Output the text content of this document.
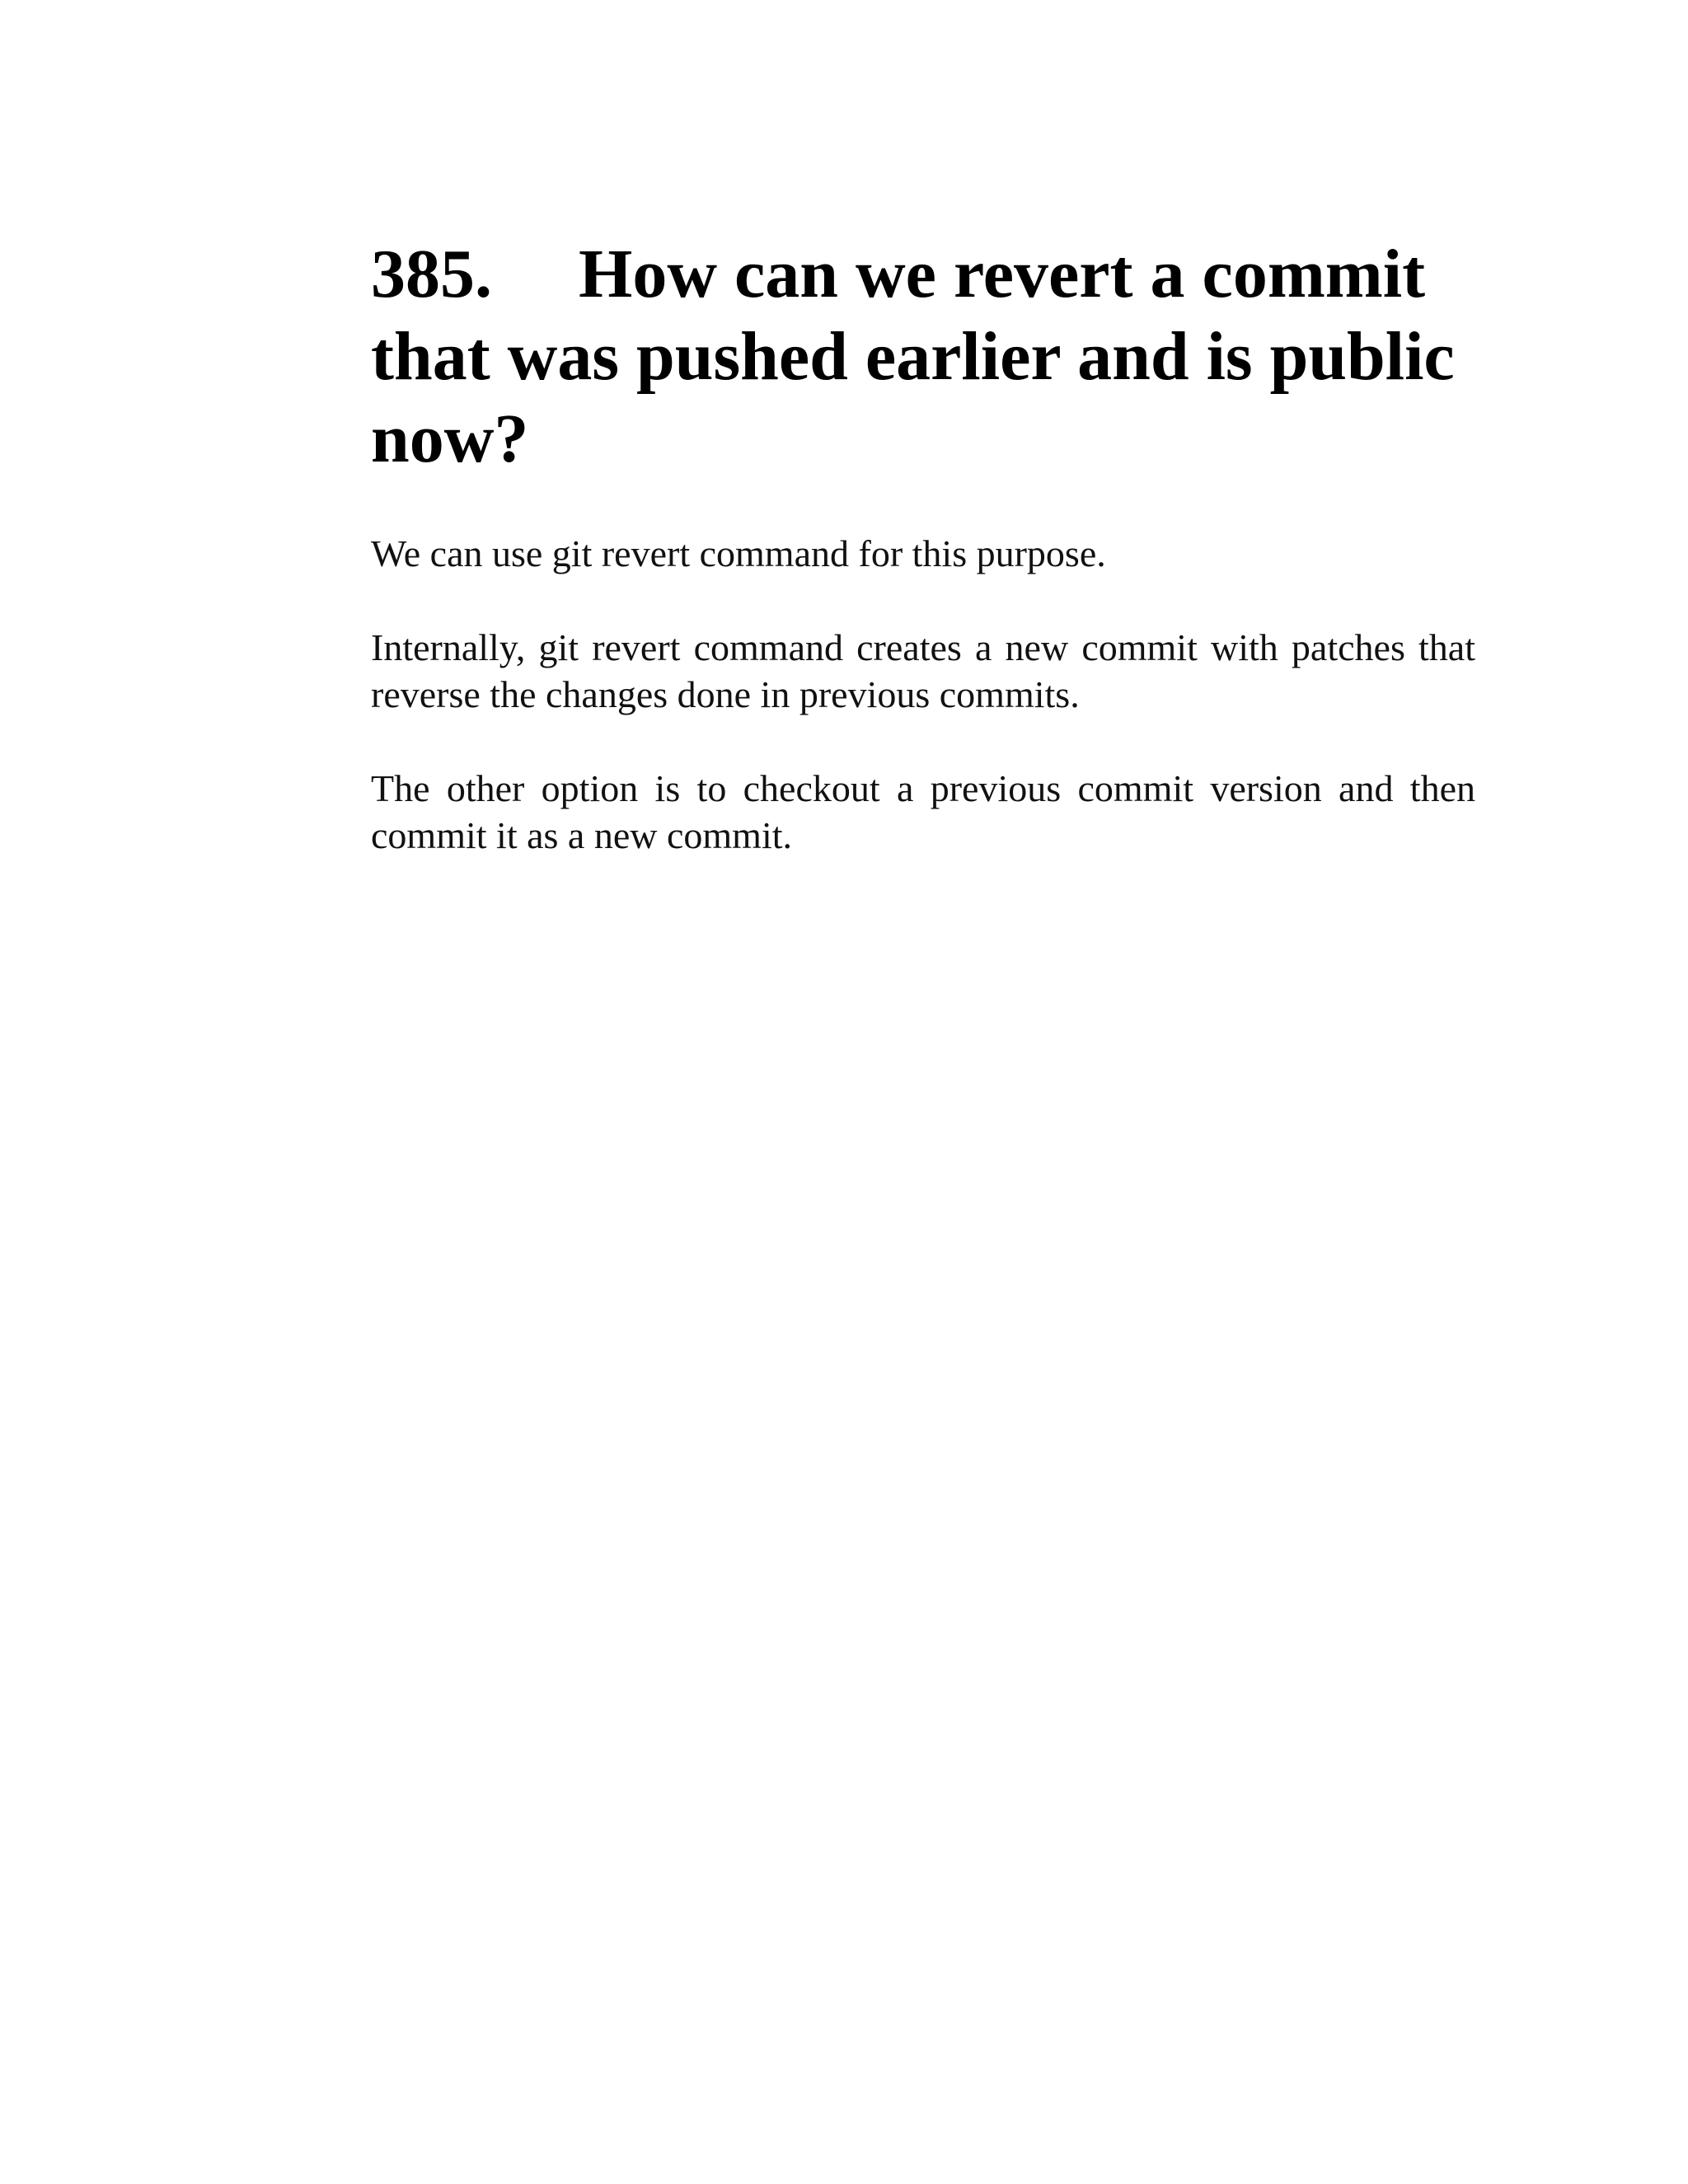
385. How can we revert a commit that was pushed earlier and is public now?

We can use git revert command for this purpose.

Internally, git revert command creates a new commit with patches that reverse the changes done in previous commits.

The other option is to checkout a previous commit version and then commit it as a new commit.
